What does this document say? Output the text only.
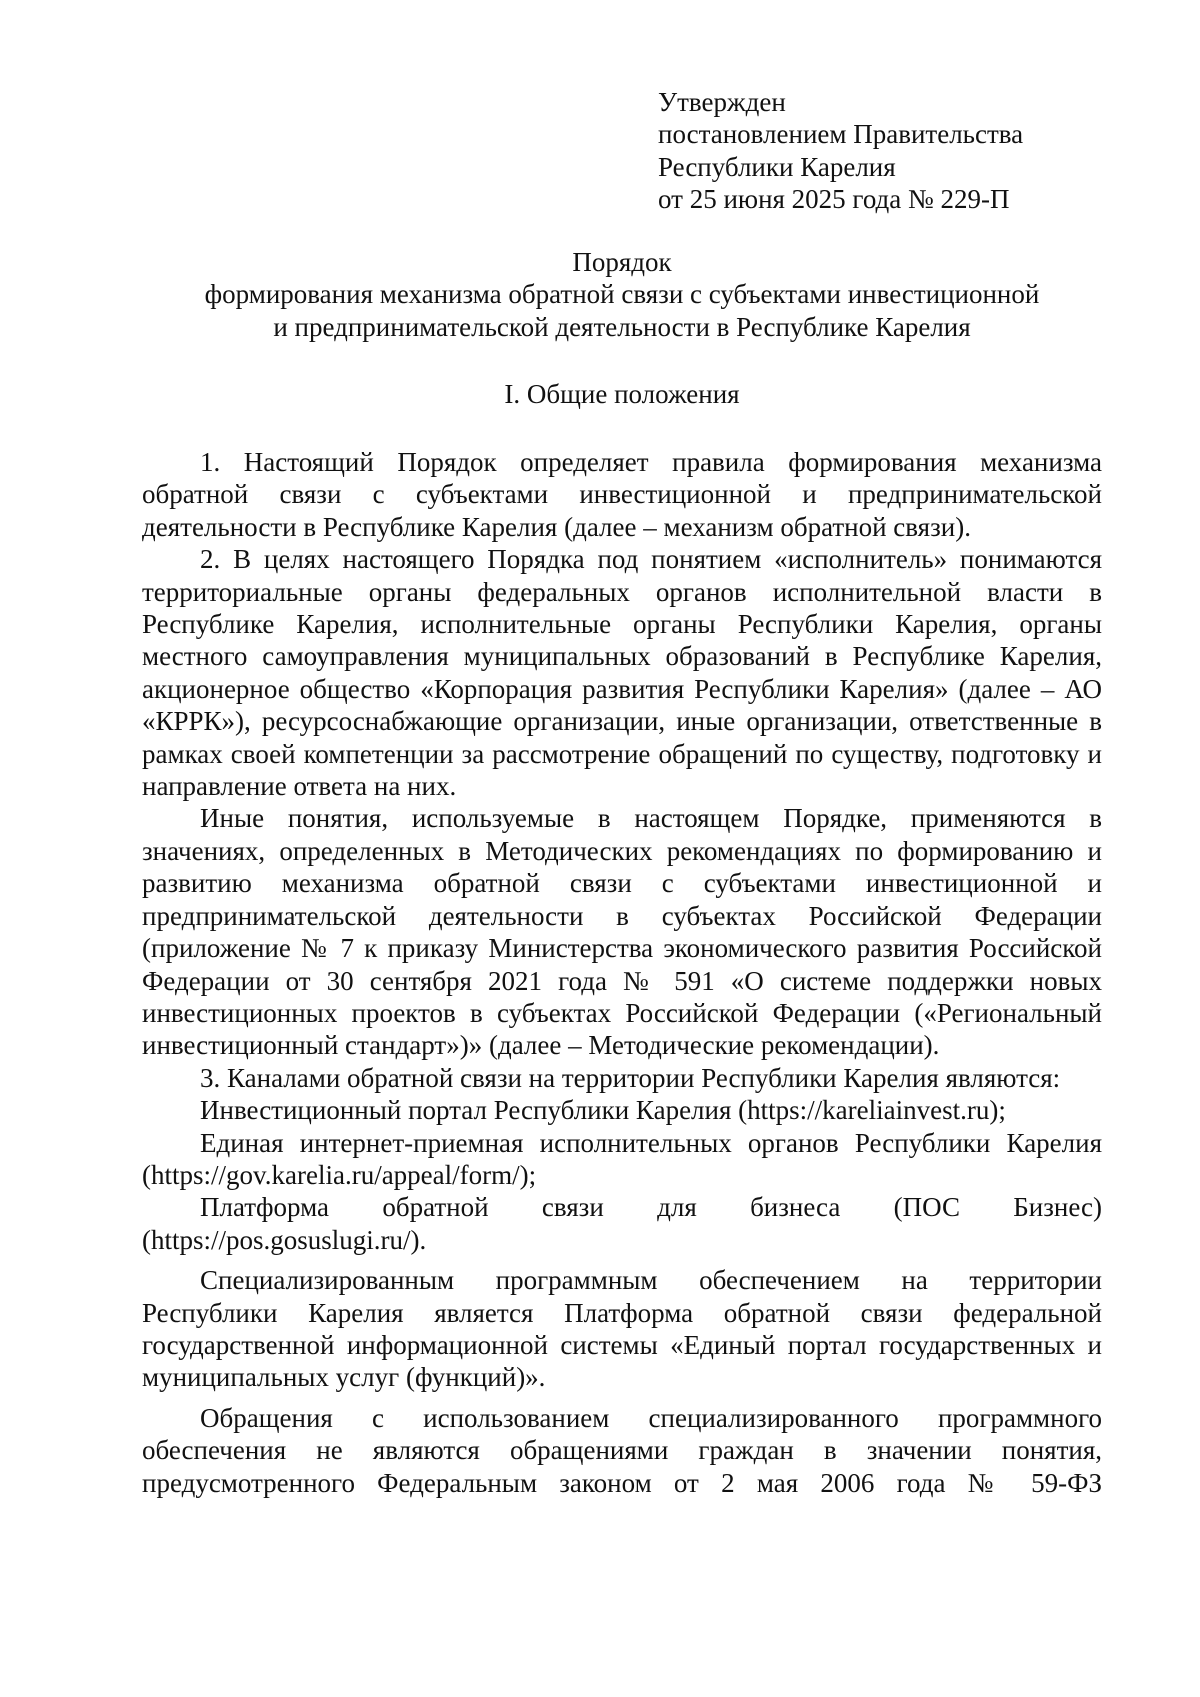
Утвержден
постановлением Правительства
Республики Карелия
от 25 июня 2025 года № 229-П
Порядок
формирования механизма обратной связи с субъектами инвестиционной
и предпринимательской деятельности в Республике Карелия
I. Общие положения

1. Настоящий Порядок определяет правила формирования механизма обратной связи с субъектами инвестиционной и предпринимательской деятельности в Республике Карелия (далее – механизм обратной связи).

2. В целях настоящего Порядка под понятием «исполнитель» понимаются территориальные органы федеральных органов исполнительной власти в Республике Карелия, исполнительные органы Республики Карелия, органы местного самоуправления муниципальных образований в Республике Карелия, акционерное общество «Корпорация развития Республики Карелия» (далее – АО «КРРК»), ресурсоснабжающие организации, иные организации, ответственные в рамках своей компетенции за рассмотрение обращений по существу, подготовку и направление ответа на них.

Иные понятия, используемые в настоящем Порядке, применяются в значениях, определенных в Методических рекомендациях по формированию и развитию механизма обратной связи с субъектами инвестиционной и предпринимательской деятельности в субъектах Российской Федерации (приложение № 7 к приказу Министерства экономического развития Российской Федерации от 30 сентября 2021 года № 591 «О системе поддержки новых инвестиционных проектов в субъектах Российской Федерации («Региональный инвестиционный стандарт»)» (далее – Методические рекомендации).

3. Каналами обратной связи на территории Республики Карелия являются:

Инвестиционный портал Республики Карелия (https://kareliainvest.ru);

Единая интернет-приемная исполнительных органов Республики Карелия (https://gov.karelia.ru/appeal/form/);

Платформа обратной связи для бизнеса (ПОС Бизнес) (https://pos.gosuslugi.ru/).

Специализированным программным обеспечением на территории Республики Карелия является Платформа обратной связи федеральной государственной информационной системы «Единый портал государственных и муниципальных услуг (функций)».

Обращения с использованием специализированного программного обеспечения не являются обращениями граждан в значении понятия, предусмотренного Федеральным законом от 2 мая 2006 года № 59-ФЗ
